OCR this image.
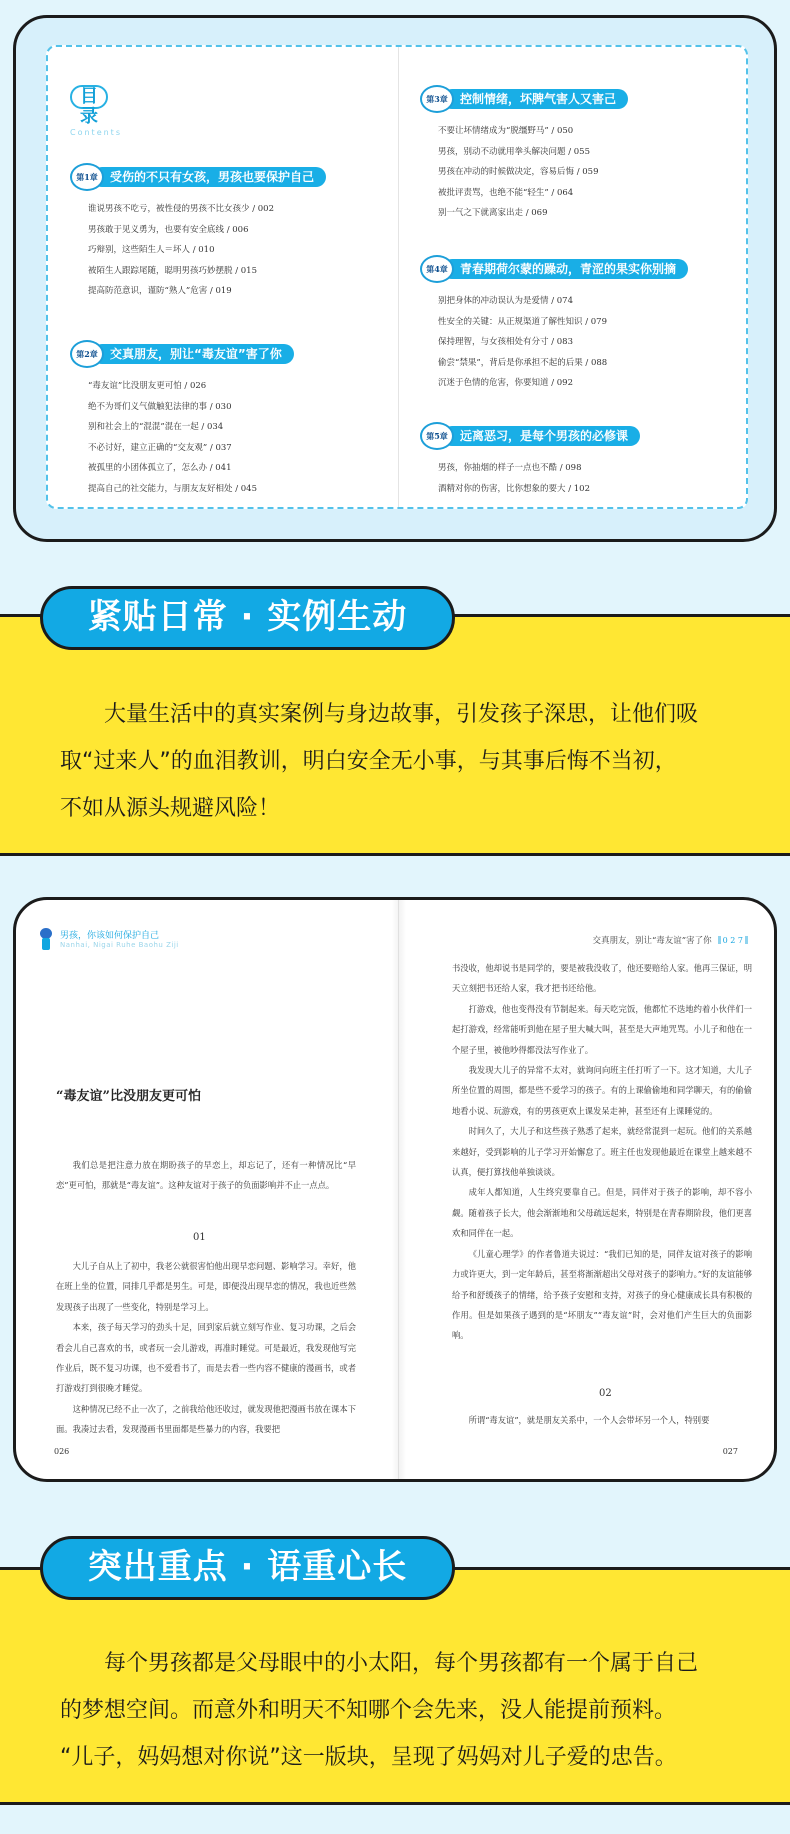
目录
Contents
第1章	受伤的不只有女孩，男孩也要保护自己
谁说男孩不吃亏，被性侵的男孩不比女孩少 / 002
男孩敢于见义勇为，也要有安全底线 / 006
巧辩别，这些陌生人＝坏人 / 010
被陌生人跟踪尾随，聪明男孩巧妙摆脱 / 015
提高防范意识，谨防“熟人”危害 / 019
第2章	交真朋友，别让“毒友谊”害了你
“毒友谊”比没朋友更可怕 / 026
绝不为哥们义气做触犯法律的事 / 030
别和社会上的“混混”混在一起 / 034
不必讨好，建立正确的“交友观” / 037
被孤里的小团体孤立了，怎么办 / 041
提高自己的社交能力，与朋友友好相处 / 045
第3章	控制情绪，坏脾气害人又害己
不要让坏情绪成为“脱缰野马” / 050
男孩，别动不动就用拳头解决问题 / 055
男孩在冲动的时候做决定，容易后悔 / 059
被批评责骂，也绝不能“轻生” / 064
别一气之下就离家出走 / 069
第4章	青春期荷尔蒙的躁动，青涩的果实你别摘
别把身体的冲动误认为是爱情 / 074
性安全的关键：从正规渠道了解性知识 / 079
保持理智，与女孩相处有分寸 / 083
偷尝“禁果”，背后是你承担不起的后果 / 088
沉迷于色情的危害，你要知道 / 092
第5章	远离恶习，是每个男孩的必修课
男孩，你抽烟的样子一点也不酷 / 098
酒精对你的伤害，比你想象的要大 / 102
大量生活中的真实案例与身边故事，引发孩子深思，让他们吸
取“过来人”的血泪教训，明白安全无小事，与其事后悔不当初，
不如从源头规避风险！
紧贴日常 · 实例生动
男孩，你该如何保护自己
Nanhai, Nigai Ruhe Baohu Ziji	交真朋友，别让“毒友谊”害了你 0 2 7
“毒友谊”比没朋友更可怕

我们总是把注意力放在期盼孩子的早恋上，却忘记了，还有一种情况比“早恋”更可怕，那就是“毒友谊”。这种友谊对于孩子的负面影响并不止一点点。

01

大儿子自从上了初中，我老公就很害怕他出现早恋问题、影响学习。幸好，他在班上坐的位置，同排几乎都是男生。可是，即便没出现早恋的情况，我也近些然发现孩子出现了一些变化，特别是学习上。

本来，孩子每天学习的劲头十足，回到家后就立刻写作业、复习功课，之后会看会儿自己喜欢的书，或者玩一会儿游戏，再准时睡觉。可是最近，我发现他写完作业后，既不复习功课，也不爱看书了，而是去看一些内容不健康的漫画书，或者打游戏打到很晚才睡觉。

这种情况已经不止一次了，之前我给他还收过，就发现他把漫画书放在课本下面。我凑过去看，发现漫画书里面都是些暴力的内容，我要把

书没收，他却说书是同学的，要是被我没收了，他还要赔给人家。他再三保证，明天立刻把书还给人家，我才把书还给他。

打游戏，他也变得没有节制起来。每天吃完饭，他都忙不迭地约着小伙伴们一起打游戏，经常能听到他在屋子里大喊大叫，甚至是大声地咒骂。小儿子和他在一个屋子里，被他吵得都没法写作业了。

我发现大儿子的异常不太对，就询问向班主任打听了一下。这才知道，大儿子所坐位置的周围，都是些不爱学习的孩子。有的上课偷偷地和同学聊天，有的偷偷地看小说、玩游戏，有的男孩更欢上课发呆走神，甚至还有上课睡觉的。

时间久了，大儿子和这些孩子熟悉了起来，就经常混到一起玩。他们的关系越来越好，受到影响的儿子学习开始懈怠了。班主任也发现他最近在课堂上越来越不认真，便打算找他单独谈谈。

成年人都知道，人生终究要靠自己。但是，同伴对于孩子的影响，却不容小觑。随着孩子长大，他会渐渐地和父母疏远起来，特别是在青春期阶段，他们更喜欢和同伴在一起。

《儿童心理学》的作者鲁道夫说过：“我们已知的是，同伴友谊对孩子的影响力或许更大，到一定年龄后，甚至将渐渐超出父母对孩子的影响力。”好的友谊能够给予和舒缓孩子的情绪，给予孩子安慰和支持，对孩子的身心健康成长具有积极的作用。但是如果孩子遇到的是“坏朋友”“毒友谊”时，会对他们产生巨大的负面影响。

02

所谓“毒友谊”，就是朋友关系中，一个人会带坏另一个人，特别要

026	027
每个男孩都是父母眼中的小太阳，每个男孩都有一个属于自己
的梦想空间。而意外和明天不知哪个会先来，没人能提前预料。
“儿子，妈妈想对你说”这一版块，呈现了妈妈对儿子爱的忠告。
突出重点 · 语重心长
